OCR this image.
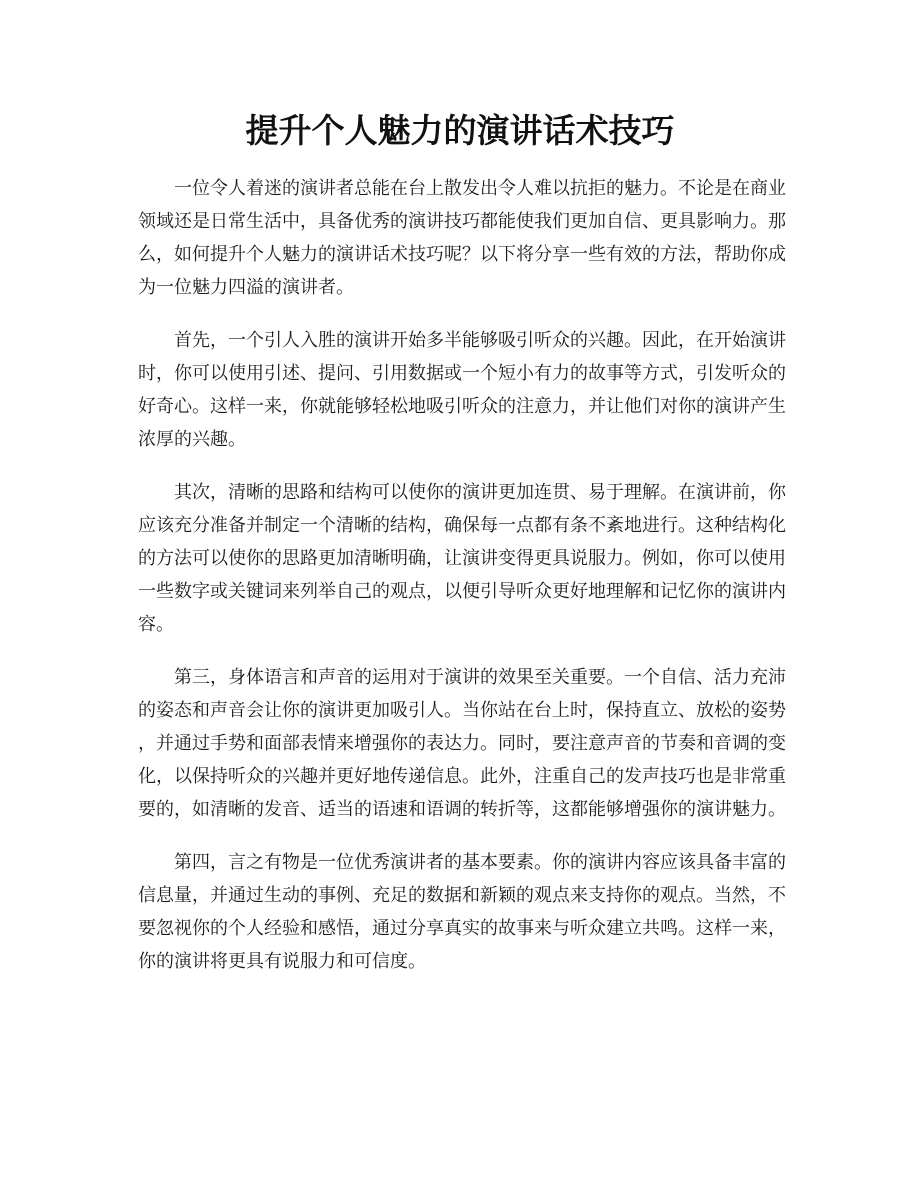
提升个人魅力的演讲话术技巧

一位令人着迷的演讲者总能在台上散发出令人难以抗拒的魅力。不论是在商业
领域还是日常生活中，具备优秀的演讲技巧都能使我们更加自信、更具影响力。那
么，如何提升个人魅力的演讲话术技巧呢？以下将分享一些有效的方法，帮助你成
为一位魅力四溢的演讲者。

首先，一个引人入胜的演讲开始多半能够吸引听众的兴趣。因此，在开始演讲
时，你可以使用引述、提问、引用数据或一个短小有力的故事等方式，引发听众的
好奇心。这样一来，你就能够轻松地吸引听众的注意力，并让他们对你的演讲产生
浓厚的兴趣。

其次，清晰的思路和结构可以使你的演讲更加连贯、易于理解。在演讲前，你
应该充分准备并制定一个清晰的结构，确保每一点都有条不紊地进行。这种结构化
的方法可以使你的思路更加清晰明确，让演讲变得更具说服力。例如，你可以使用
一些数字或关键词来列举自己的观点，以便引导听众更好地理解和记忆你的演讲内
容。

第三，身体语言和声音的运用对于演讲的效果至关重要。一个自信、活力充沛
的姿态和声音会让你的演讲更加吸引人。当你站在台上时，保持直立、放松的姿势
，并通过手势和面部表情来增强你的表达力。同时，要注意声音的节奏和音调的变
化，以保持听众的兴趣并更好地传递信息。此外，注重自己的发声技巧也是非常重
要的，如清晰的发音、适当的语速和语调的转折等，这都能够增强你的演讲魅力。

第四，言之有物是一位优秀演讲者的基本要素。你的演讲内容应该具备丰富的
信息量，并通过生动的事例、充足的数据和新颖的观点来支持你的观点。当然，不
要忽视你的个人经验和感悟，通过分享真实的故事来与听众建立共鸣。这样一来，
你的演讲将更具有说服力和可信度。
